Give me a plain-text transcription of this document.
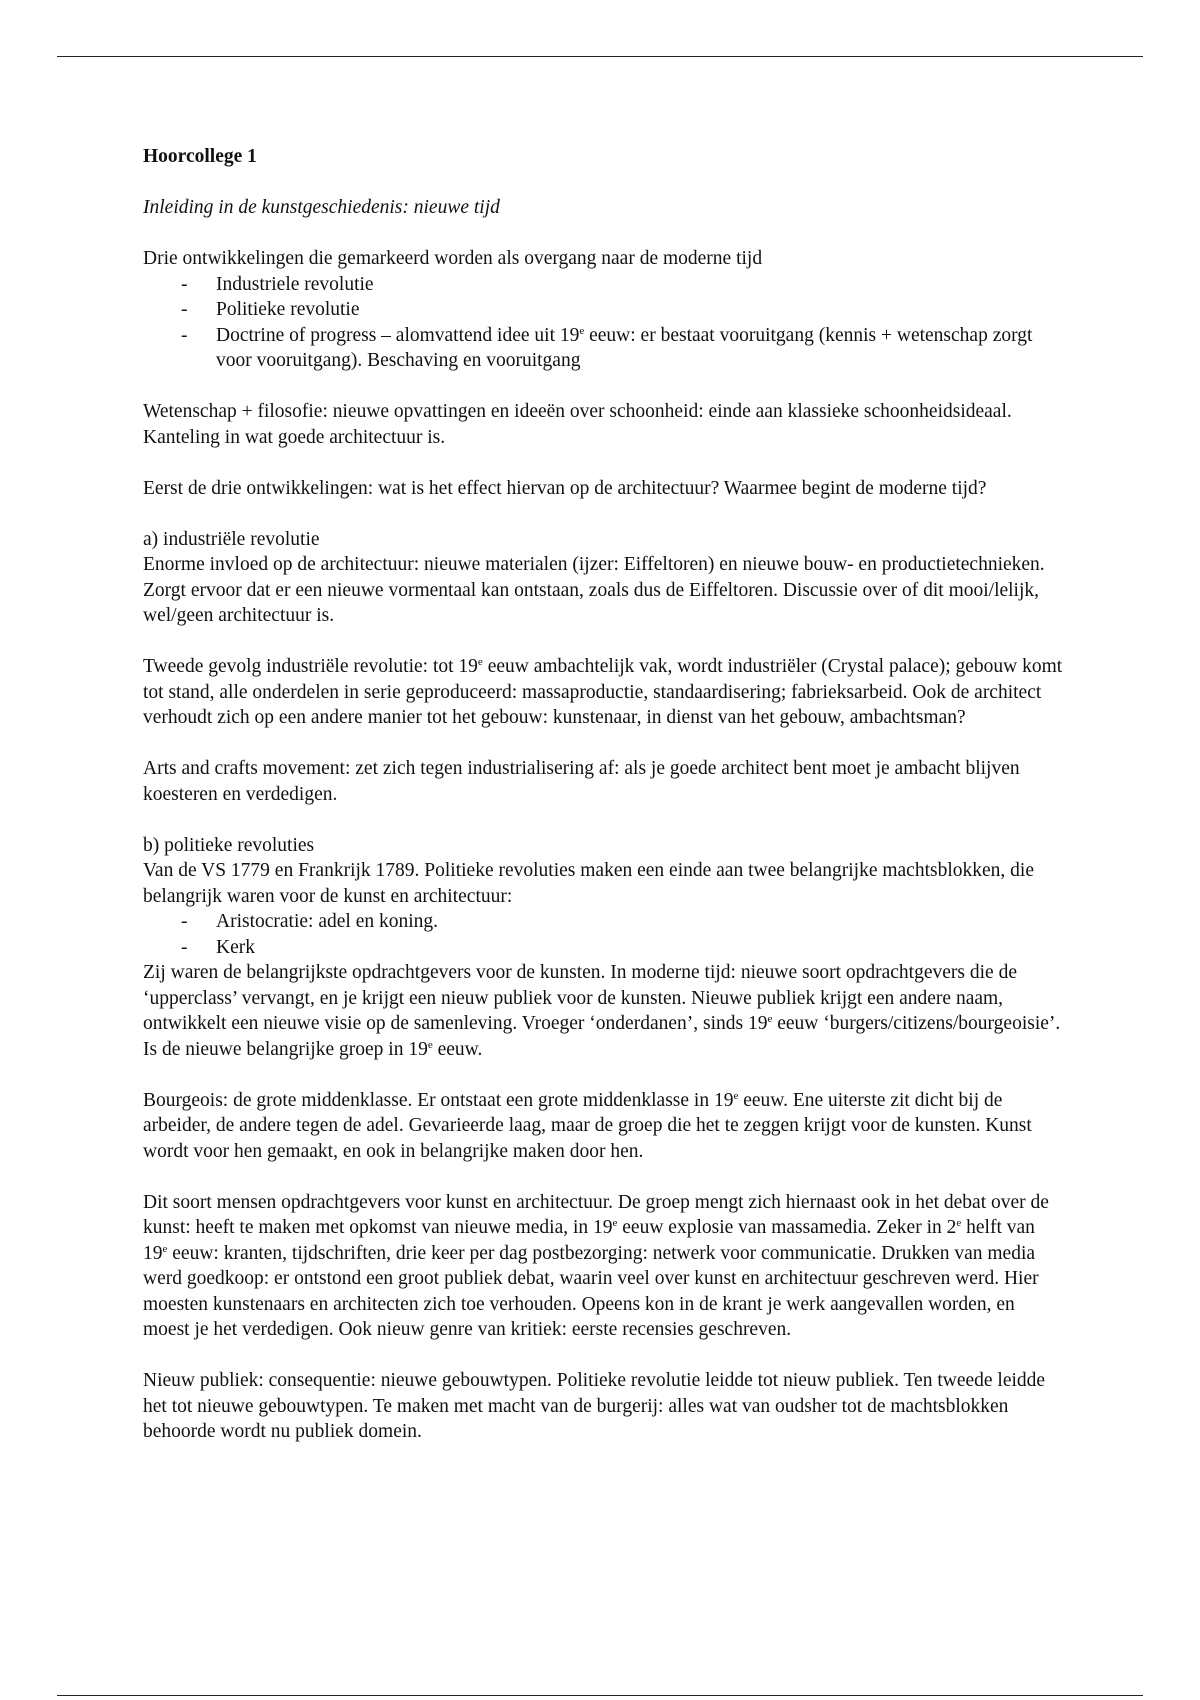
Hoorcollege 1

Inleiding in de kunstgeschiedenis: nieuwe tijd

Drie ontwikkelingen die gemarkeerd worden als overgang naar de moderne tijd

- Industriele revolutie
- Politieke revolutie
- Doctrine of progress – alomvattend idee uit 19e eeuw: er bestaat vooruitgang (kennis + wetenschap zorgt voor vooruitgang). Beschaving en vooruitgang

Wetenschap + filosofie: nieuwe opvattingen en ideeën over schoonheid: einde aan klassieke schoonheidsideaal. Kanteling in wat goede architectuur is.

Eerst de drie ontwikkelingen: wat is het effect hiervan op de architectuur? Waarmee begint de moderne tijd?

a) industriële revolutie

Enorme invloed op de architectuur: nieuwe materialen (ijzer: Eiffeltoren) en nieuwe bouw- en productietechnieken. Zorgt ervoor dat er een nieuwe vormentaal kan ontstaan, zoals dus de Eiffeltoren. Discussie over of dit mooi/lelijk, wel/geen architectuur is.

Tweede gevolg industriële revolutie: tot 19e eeuw ambachtelijk vak, wordt industriëler (Crystal palace); gebouw komt tot stand, alle onderdelen in serie geproduceerd: massaproductie, standaardisering; fabrieksarbeid. Ook de architect verhoudt zich op een andere manier tot het gebouw: kunstenaar, in dienst van het gebouw, ambachtsman?

Arts and crafts movement: zet zich tegen industrialisering af: als je goede architect bent moet je ambacht blijven koesteren en verdedigen.

b) politieke revoluties

Van de VS 1779 en Frankrijk 1789. Politieke revoluties maken een einde aan twee belangrijke machtsblokken, die belangrijk waren voor de kunst en architectuur:

- Aristocratie: adel en koning.
- Kerk

Zij waren de belangrijkste opdrachtgevers voor de kunsten. In moderne tijd: nieuwe soort opdrachtgevers die de ‘upperclass’ vervangt, en je krijgt een nieuw publiek voor de kunsten. Nieuwe publiek krijgt een andere naam, ontwikkelt een nieuwe visie op de samenleving. Vroeger ‘onderdanen’, sinds 19e eeuw ‘burgers/citizens/bourgeoisie’. Is de nieuwe belangrijke groep in 19e eeuw.

Bourgeois: de grote middenklasse. Er ontstaat een grote middenklasse in 19e eeuw. Ene uiterste zit dicht bij de arbeider, de andere tegen de adel. Gevarieerde laag, maar de groep die het te zeggen krijgt voor de kunsten. Kunst wordt voor hen gemaakt, en ook in belangrijke maken door hen.

Dit soort mensen opdrachtgevers voor kunst en architectuur. De groep mengt zich hiernaast ook in het debat over de kunst: heeft te maken met opkomst van nieuwe media, in 19e eeuw explosie van massamedia. Zeker in 2e helft van 19e eeuw: kranten, tijdschriften, drie keer per dag postbezorging: netwerk voor communicatie. Drukken van media werd goedkoop: er ontstond een groot publiek debat, waarin veel over kunst en architectuur geschreven werd. Hier moesten kunstenaars en architecten zich toe verhouden. Opeens kon in de krant je werk aangevallen worden, en moest je het verdedigen. Ook nieuw genre van kritiek: eerste recensies geschreven.

Nieuw publiek: consequentie: nieuwe gebouwtypen. Politieke revolutie leidde tot nieuw publiek. Ten tweede leidde het tot nieuwe gebouwtypen. Te maken met macht van de burgerij: alles wat van oudsher tot de machtsblokken behoorde wordt nu publiek domein.
